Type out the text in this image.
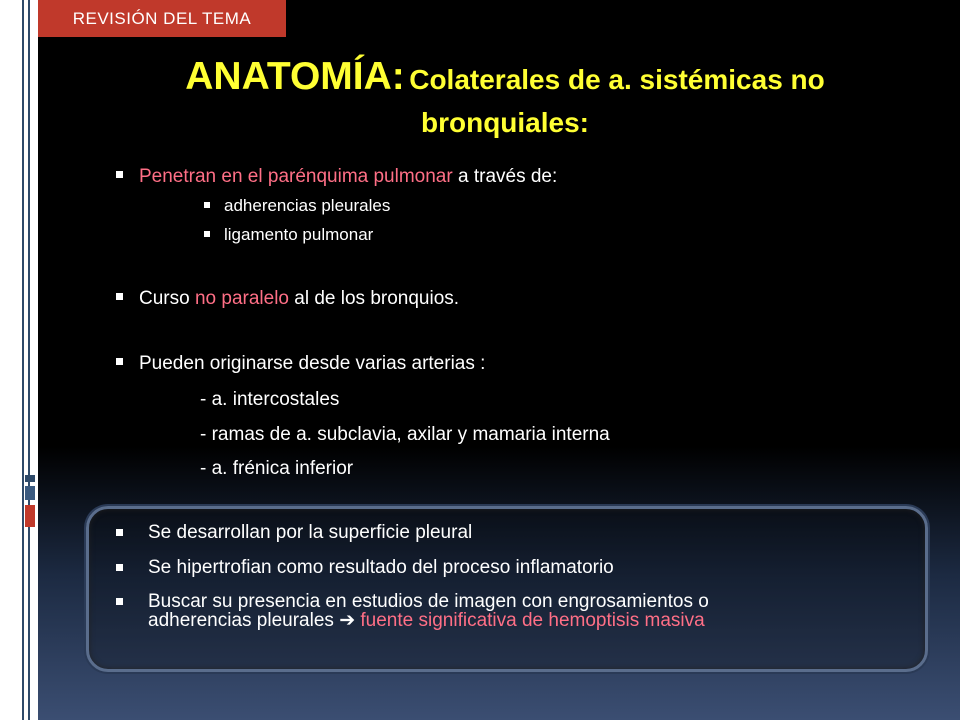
REVISIÓN DEL TEMA
ANATOMÍA: Colaterales de a. sistémicas no
bronquiales:
Penetran en el parénquima pulmonar a través de:
adherencias pleurales
ligamento pulmonar
Curso no paralelo al de los bronquios.
Pueden originarse desde varias arterias :
- a. intercostales
- ramas de a. subclavia, axilar y mamaria interna
- a. frénica inferior
Se desarrollan por la superficie pleural
Se hipertrofian como resultado del proceso inflamatorio
Buscar su presencia en estudios de imagen con engrosamientos o adherencias pleurales ➔ fuente significativa de hemoptisis masiva
